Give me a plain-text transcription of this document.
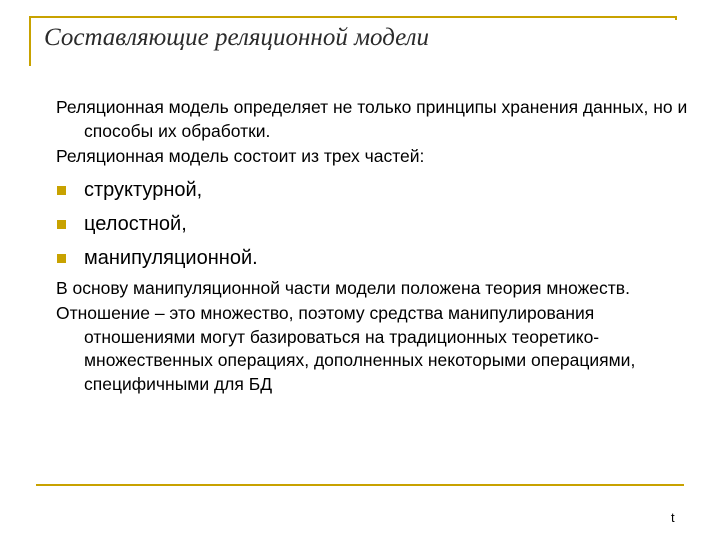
Составляющие реляционной модели

Реляционная модель определяет не только принципы хранения данных, но и способы их обработки.

Реляционная модель состоит из трех частей:

структурной,
целостной,
манипуляционной.

В основу манипуляционной части модели положена теория множеств.

Отношение – это множество, поэтому средства манипулирования отношениями могут базироваться на традиционных теоретико-множественных операциях, дополненных некоторыми операциями, специфичными для БД

t
